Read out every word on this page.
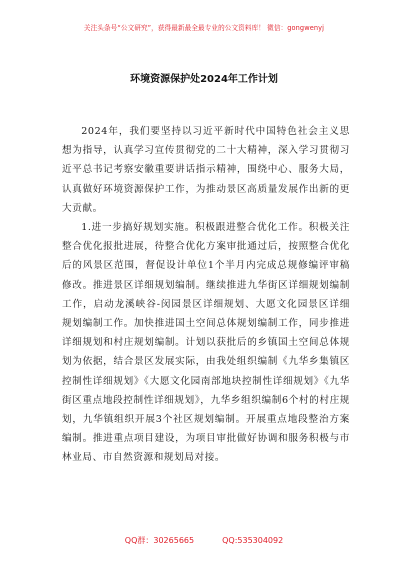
关注头条号“公文研究”，获得最新最全最专业的公文资料库！ 微信：gongwenyj
环境资源保护处2024年工作计划

2024年，我们要坚持以习近平新时代中国特色社会主义思想为指导，认真学习宣传贯彻党的二十大精神，深入学习贯彻习近平总书记考察安徽重要讲话指示精神，围绕中心、服务大局，认真做好环境资源保护工作，为推动景区高质量发展作出新的更大贡献。

1.进一步搞好规划实施。积极跟进整合优化工作。积极关注整合优化报批进展，待整合优化方案审批通过后，按照整合优化后的风景区范围，督促设计单位1个半月内完成总规修编评审稿修改。推进景区详细规划编制。继续推进九华街区详细规划编制工作，启动龙溪峡谷-闵园景区详细规划、大愿文化园景区详细规划编制工作。加快推进国土空间总体规划编制工作，同步推进详细规划和村庄规划编制。计划以获批后的乡镇国土空间总体规划为依据，结合景区发展实际，由我处组织编制《九华乡集镇区控制性详细规划》《大愿文化园南部地块控制性详细规划》《九华街区重点地段控制性详细规划》，九华乡组织编制6个村的村庄规划，九华镇组织开展3个社区规划编制。开展重点地段整治方案编制。推进重点项目建设，为项目审批做好协调和服务积极与市林业局、市自然资源和规划局对接。

QQ群：30265665	QQ:535304092
